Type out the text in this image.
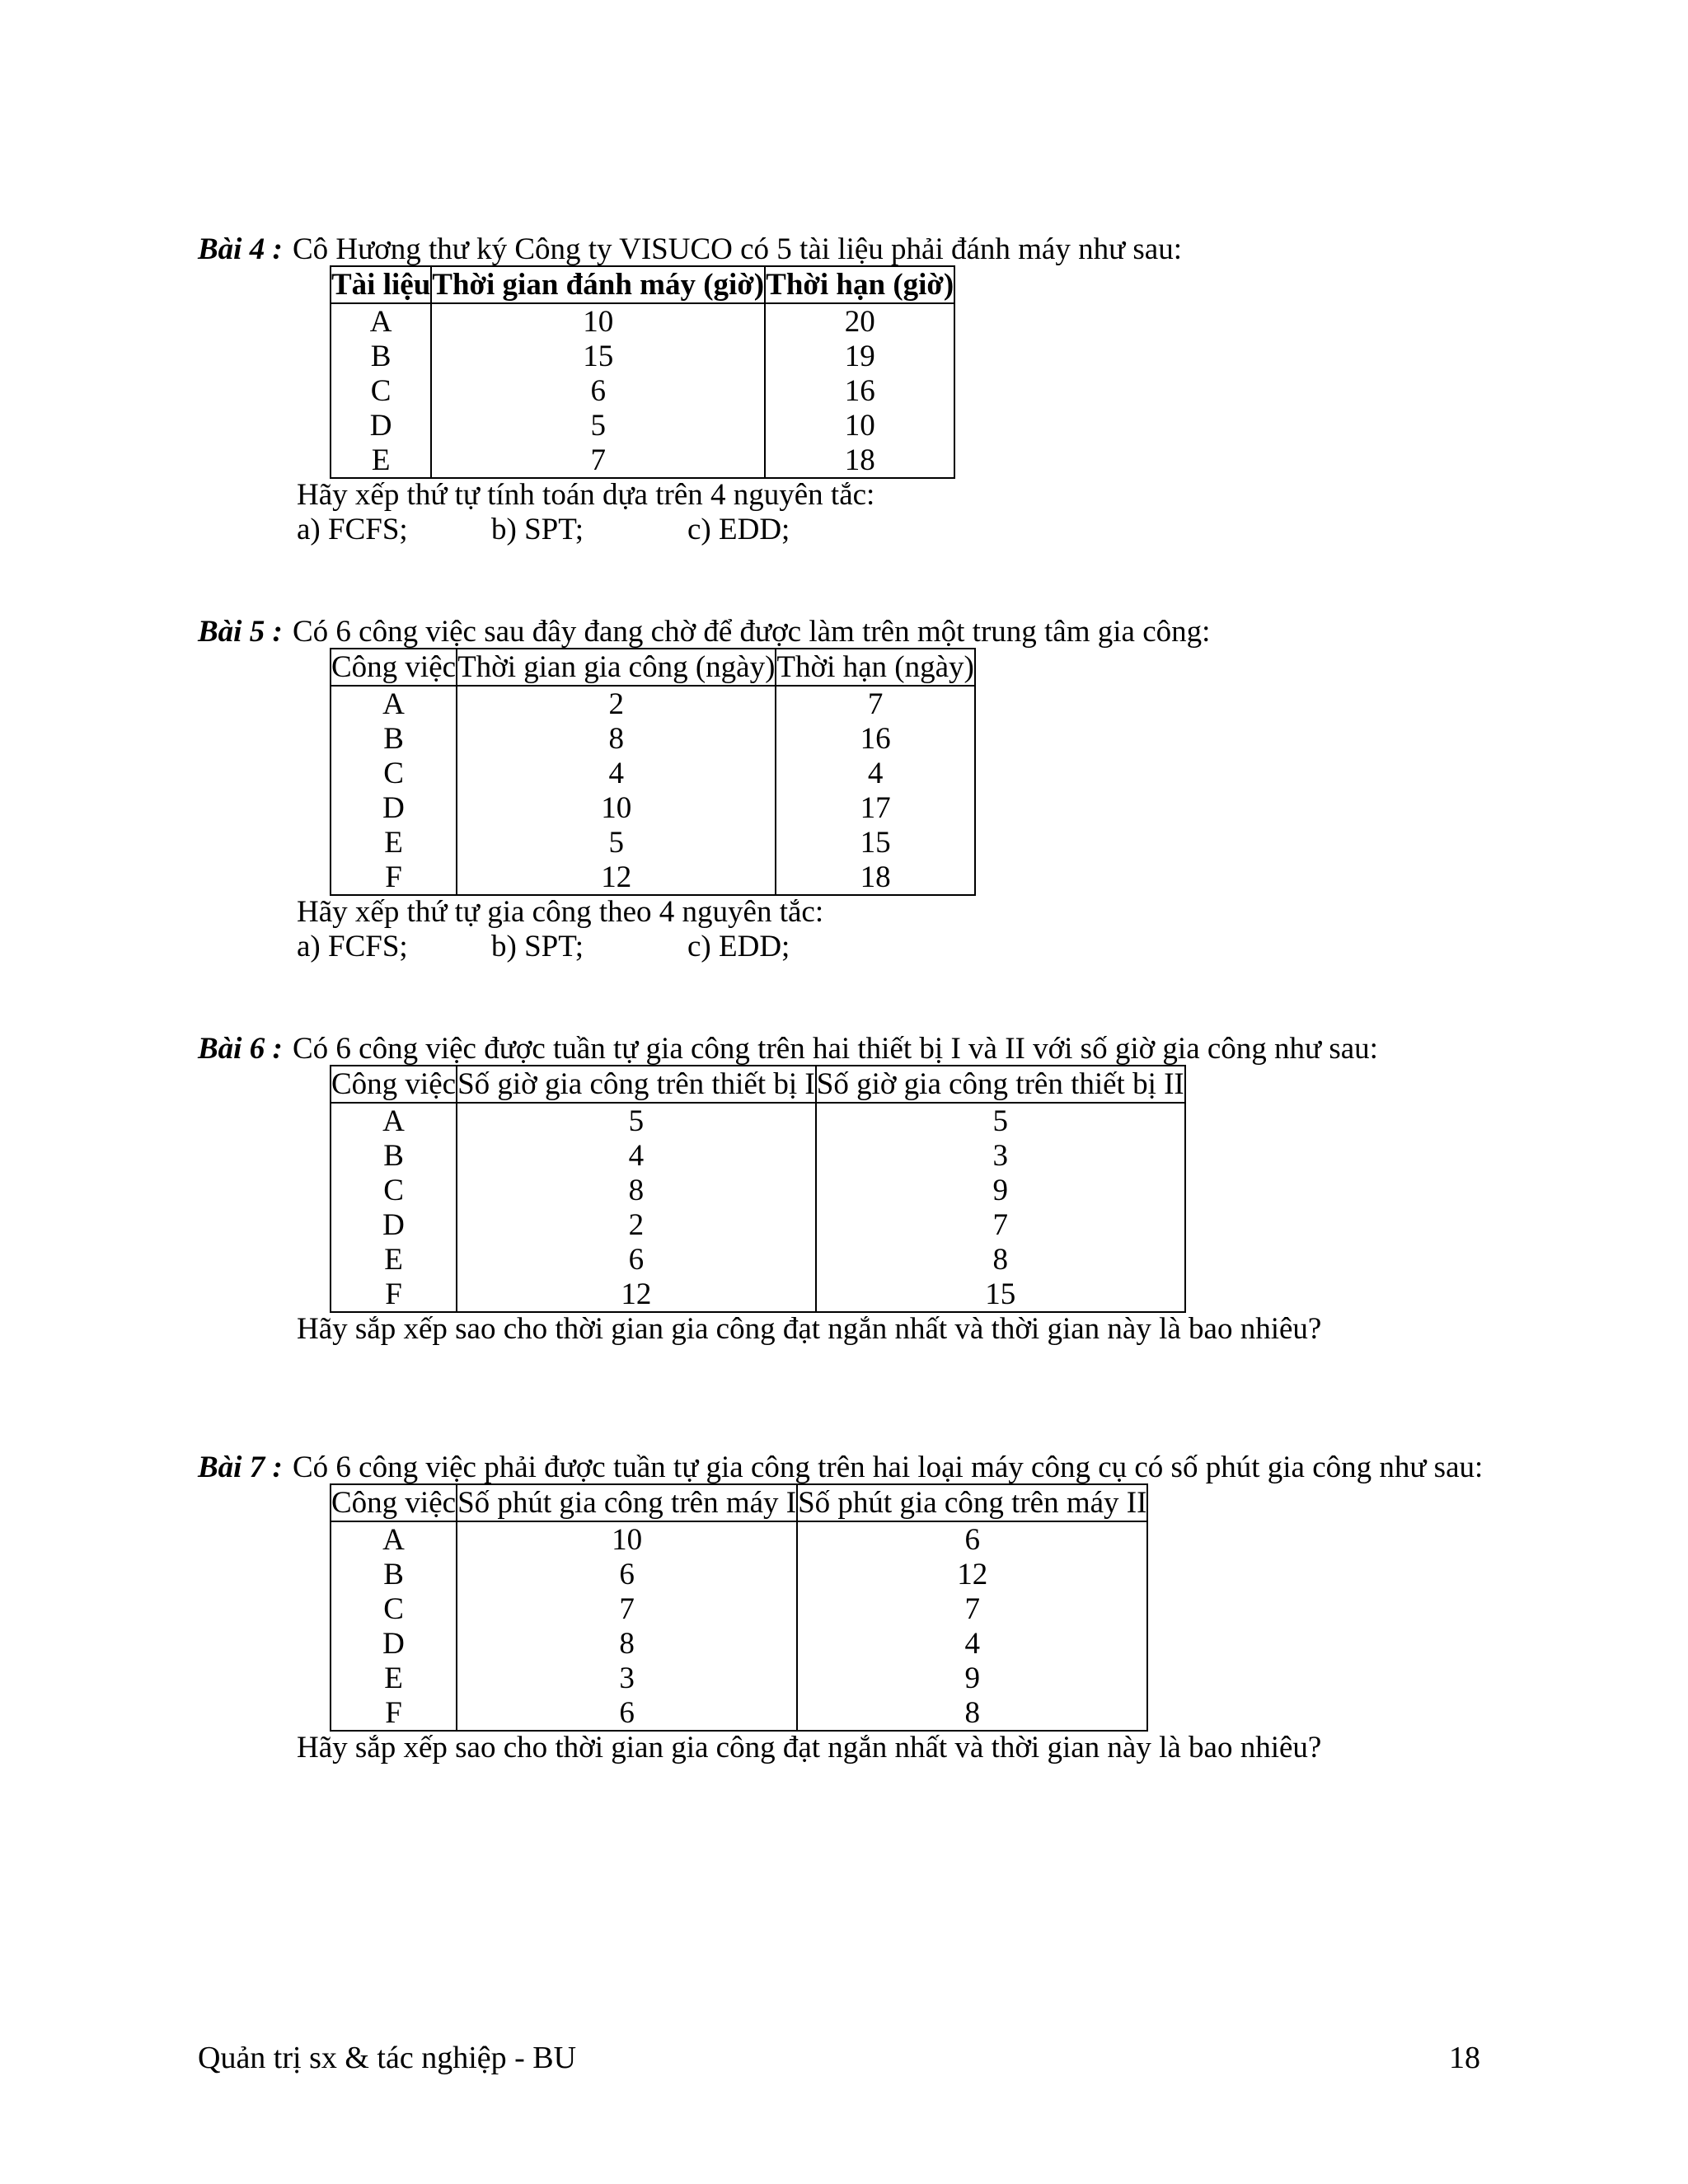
Bài 4 : Cô Hương thư ký Công ty VISUCO có 5 tài liệu phải đánh máy như sau:
Tài liệu	Thời gian đánh máy (giờ)	Thời hạn (giờ)
A	10	20
B	15	19
C	6	16
D	5	10
E	7	18
Hãy xếp thứ tự tính toán dựa trên 4 nguyên tắc:
a) FCFS;	b) SPT;	c) EDD;
Bài 5 : Có 6 công việc sau đây đang chờ để được làm trên một trung tâm gia công:
Công việc	Thời gian gia công (ngày)	Thời hạn (ngày)
A	2	7
B	8	16
C	4	4
D	10	17
E	5	15
F	12	18
Hãy xếp thứ tự gia công theo 4 nguyên tắc:
a) FCFS;	b) SPT;	c) EDD;
Bài 6 : Có 6 công việc được tuần tự gia công trên hai thiết bị I và II với số giờ gia công như sau:
Công việc	Số giờ gia công trên thiết bị I	Số giờ gia công trên thiết bị II
A	5	5
B	4	3
C	8	9
D	2	7
E	6	8
F	12	15
Hãy sắp xếp sao cho thời gian gia công đạt ngắn nhất và thời gian này là bao nhiêu?
Bài 7 : Có 6 công việc phải được tuần tự gia công trên hai loại máy công cụ có số phút gia công như sau:
Công việc	Số phút gia công trên máy I	Số phút gia công trên máy II
A	10	6
B	6	12
C	7	7
D	8	4
E	3	9
F	6	8
Hãy sắp xếp sao cho thời gian gia công đạt ngắn nhất và thời gian này là bao nhiêu?
Quản trị sx & tác nghiệp - BU	18
